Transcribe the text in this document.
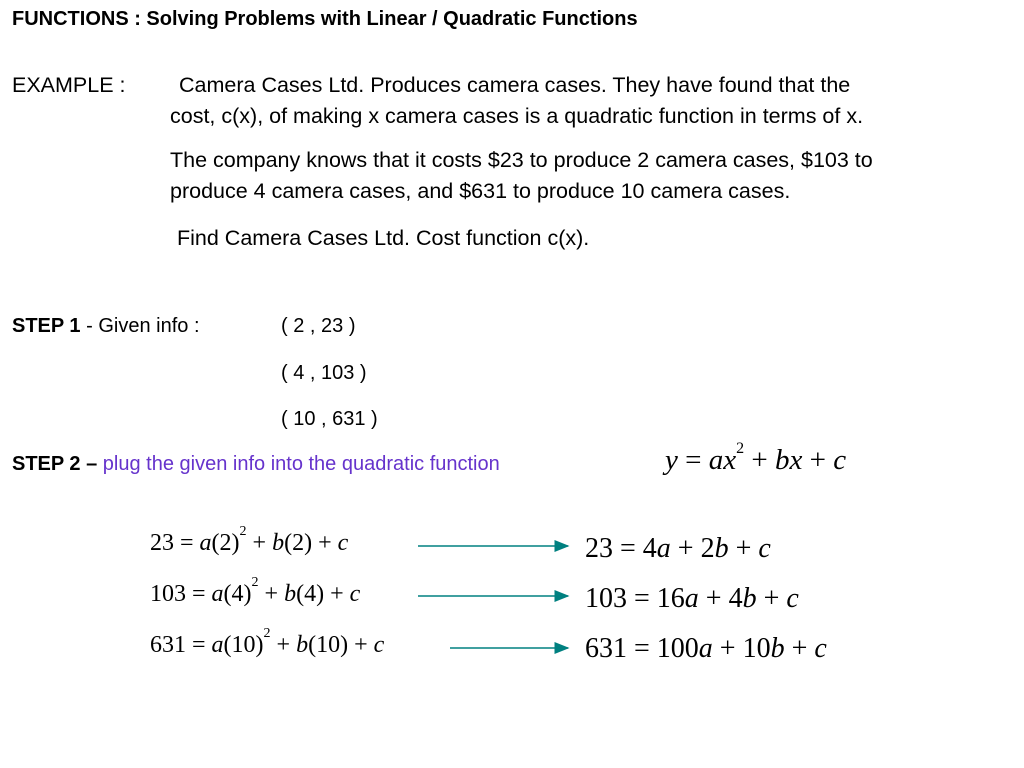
FUNCTIONS : Solving Problems with Linear / Quadratic Functions
EXAMPLE :	Camera Cases Ltd. Produces camera cases. They have found that the
cost, c(x), of making x camera cases is a quadratic function in terms of x.
The company knows that it costs $23 to produce 2 camera cases, $103 to
produce 4 camera cases, and $631 to produce 10 camera cases.
Find Camera Cases Ltd. Cost function c(x).
STEP 1 - Given info :	( 2 , 23 )
( 4 , 103 )
( 10 , 631 )
STEP 2 – plug the given info into the quadratic function	$y = ax^2$ + bx + c
$23 = a(2)^2 + b(2) + c$
$103 = a(4)^2 + b(4) + c$
$631 = a(10)^2 + b(10) + c$
23 = 4a + 2b + c
103 = 16a + 4b + c
631 = 100a + 10b + c
